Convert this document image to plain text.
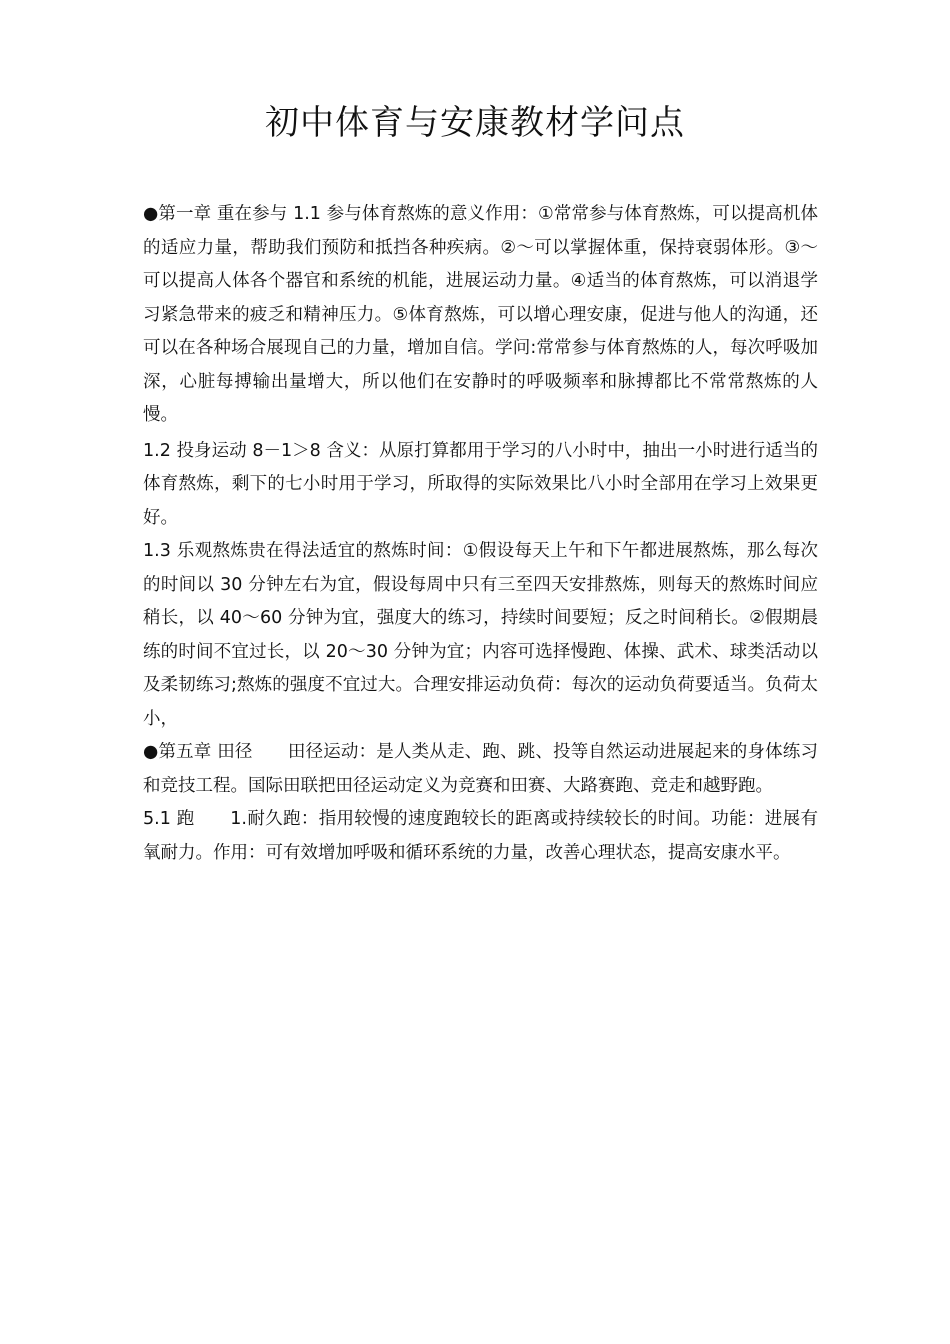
初中体育与安康教材学问点

●第一章 重在参与 1.1 参与体育熬炼的意义作用：①常常参与体育熬炼，可以提高机体的适应力量，帮助我们预防和抵挡各种疾病。②～可以掌握体重，保持衰弱体形。③～可以提高人体各个器官和系统的机能，进展运动力量。④适当的体育熬炼，可以消退学习紧急带来的疲乏和精神压力。⑤体育熬炼，可以增心理安康，促进与他人的沟通，还可以在各种场合展现自己的力量，增加自信。学问:常常参与体育熬炼的人，每次呼吸加深，心脏每搏输出量增大，所以他们在安静时的呼吸频率和脉搏都比不常常熬炼的人慢。

1.2 投身运动 8－1＞8 含义：从原打算都用于学习的八小时中，抽出一小时进行适当的体育熬炼，剩下的七小时用于学习，所取得的实际效果比八小时全部用在学习上效果更好。

1.3 乐观熬炼贵在得法适宜的熬炼时间：①假设每天上午和下午都进展熬炼，那么每次的时间以 30 分钟左右为宜，假设每周中只有三至四天安排熬炼，则每天的熬炼时间应稍长，以 40～60 分钟为宜，强度大的练习，持续时间要短；反之时间稍长。②假期晨练的时间不宜过长，以 20～30 分钟为宜；内容可选择慢跑、体操、武术、球类活动以及柔韧练习;熬炼的强度不宜过大。合理安排运动负荷：每次的运动负荷要适当。负荷太小，

●第五章 田径　　田径运动：是人类从走、跑、跳、投等自然运动进展起来的身体练习和竞技工程。国际田联把田径运动定义为竞赛和田赛、大路赛跑、竞走和越野跑。

5.1 跑　　1.耐久跑：指用较慢的速度跑较长的距离或持续较长的时间。功能：进展有氧耐力。作用：可有效增加呼吸和循环系统的力量，改善心理状态，提高安康水平。
